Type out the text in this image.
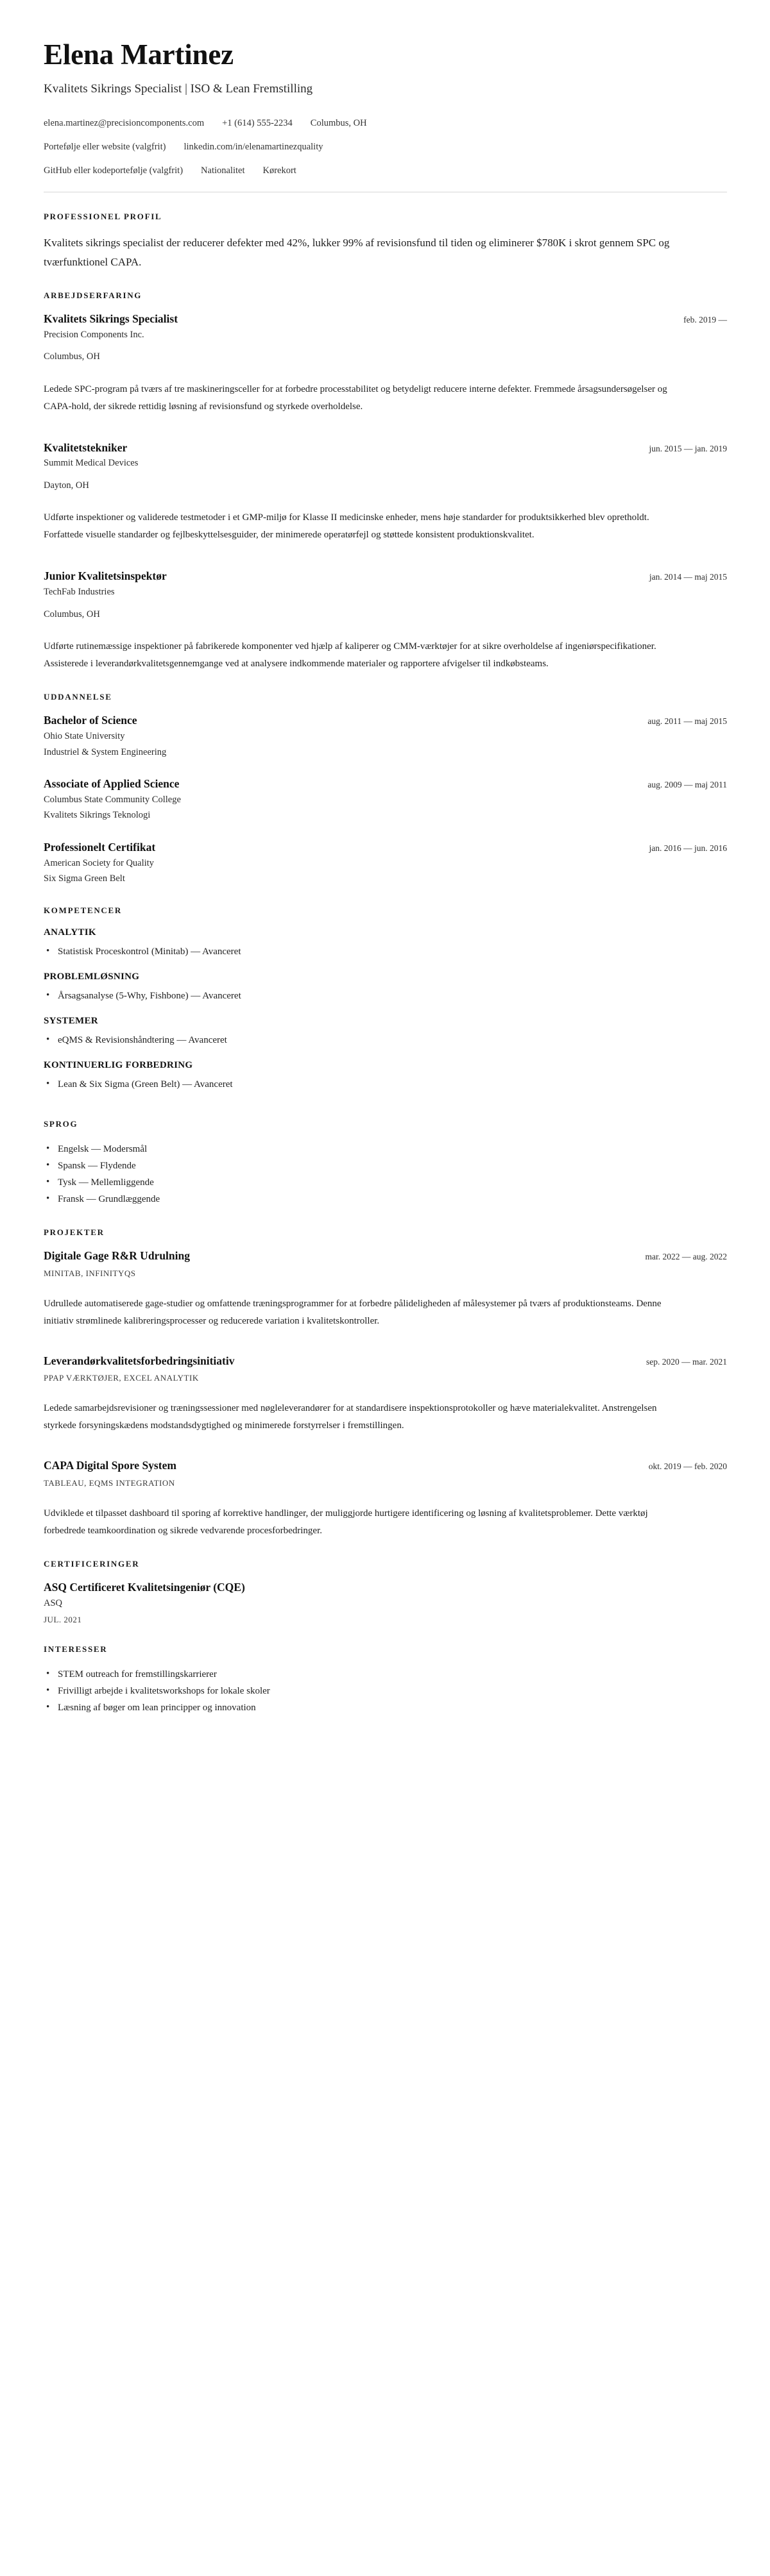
Elena Martinez
Kvalitets Sikrings Specialist | ISO & Lean Fremstilling
elena.martinez@precisioncomponents.com +1 (614) 555-2234 Columbus, OH
Portefølje eller website (valgfrit) linkedin.com/in/elenamartinezquality
GitHub eller kodeportefølje (valgfrit) Nationalitet Kørekort
PROFESSIONEL PROFIL

Kvalitets sikrings specialist der reducerer defekter med 42%, lukker 99% af revisionsfund til tiden og eliminerer $780K i skrot gennem SPC og tværfunktionel CAPA.

ARBEJDSERFARING
Kvalitets Sikrings Specialist	feb. 2019 —
Precision Components Inc.
Columbus, OH

Ledede SPC-program på tværs af tre maskineringsceller for at forbedre processtabilitet og betydeligt reducere interne defekter. Fremmede årsagsundersøgelser og CAPA-hold, der sikrede rettidig løsning af revisionsfund og styrkede overholdelse.

Kvalitetstekniker	jun. 2015 — jan. 2019
Summit Medical Devices
Dayton, OH

Udførte inspektioner og validerede testmetoder i et GMP-miljø for Klasse II medicinske enheder, mens høje standarder for produktsikkerhed blev opretholdt. Forfattede visuelle standarder og fejlbeskyttelsesguider, der minimerede operatørfejl og støttede konsistent produktionskvalitet.

Junior Kvalitetsinspektør	jan. 2014 — maj 2015
TechFab Industries
Columbus, OH

Udførte rutinemæssige inspektioner på fabrikerede komponenter ved hjælp af kaliperer og CMM-værktøjer for at sikre overholdelse af ingeniørspecifikationer. Assisterede i leverandørkvalitetsgennemgange ved at analysere indkommende materialer og rapportere afvigelser til indkøbsteams.

UDDANNELSE
Bachelor of Science	aug. 2011 — maj 2015
Ohio State University
Industriel & System Engineering
Associate of Applied Science	aug. 2009 — maj 2011
Columbus State Community College
Kvalitets Sikrings Teknologi
Professionelt Certifikat	jan. 2016 — jun. 2016
American Society for Quality
Six Sigma Green Belt
KOMPETENCER
ANALYTIK
• Statistisk Proceskontrol (Minitab) — Avanceret
PROBLEMLØSNING
• Årsagsanalyse (5-Why, Fishbone) — Avanceret
SYSTEMER
• eQMS & Revisionshåndtering — Avanceret
KONTINUERLIG FORBEDRING
• Lean & Six Sigma (Green Belt) — Avanceret
SPROG
• Engelsk — Modersmål
• Spansk — Flydende
• Tysk — Mellemliggende
• Fransk — Grundlæggende
PROJEKTER
Digitale Gage R&R Udrulning	mar. 2022 — aug. 2022
MINITAB, INFINITYQS

Udrullede automatiserede gage-studier og omfattende træningsprogrammer for at forbedre pålideligheden af målesystemer på tværs af produktionsteams. Denne initiativ strømlinede kalibreringsprocesser og reducerede variation i kvalitetskontroller.

Leverandørkvalitetsforbedringsinitiativ	sep. 2020 — mar. 2021
PPAP VÆRKTØJER, EXCEL ANALYTIK

Ledede samarbejdsrevisioner og træningssessioner med nøgleleverandører for at standardisere inspektionsprotokoller og hæve materialekvalitet. Anstrengelsen styrkede forsyningskædens modstandsdygtighed og minimerede forstyrrelser i fremstillingen.

CAPA Digital Spore System	okt. 2019 — feb. 2020
TABLEAU, EQMS INTEGRATION

Udviklede et tilpasset dashboard til sporing af korrektive handlinger, der muliggjorde hurtigere identificering og løsning af kvalitetsproblemer. Dette værktøj forbedrede teamkoordination og sikrede vedvarende procesforbedringer.

CERTIFICERINGER
ASQ Certificeret Kvalitetsingeniør (CQE)
ASQ
JUL. 2021
INTERESSER
• STEM outreach for fremstillingskarrierer
• Frivilligt arbejde i kvalitetsworkshops for lokale skoler
• Læsning af bøger om lean principper og innovation
